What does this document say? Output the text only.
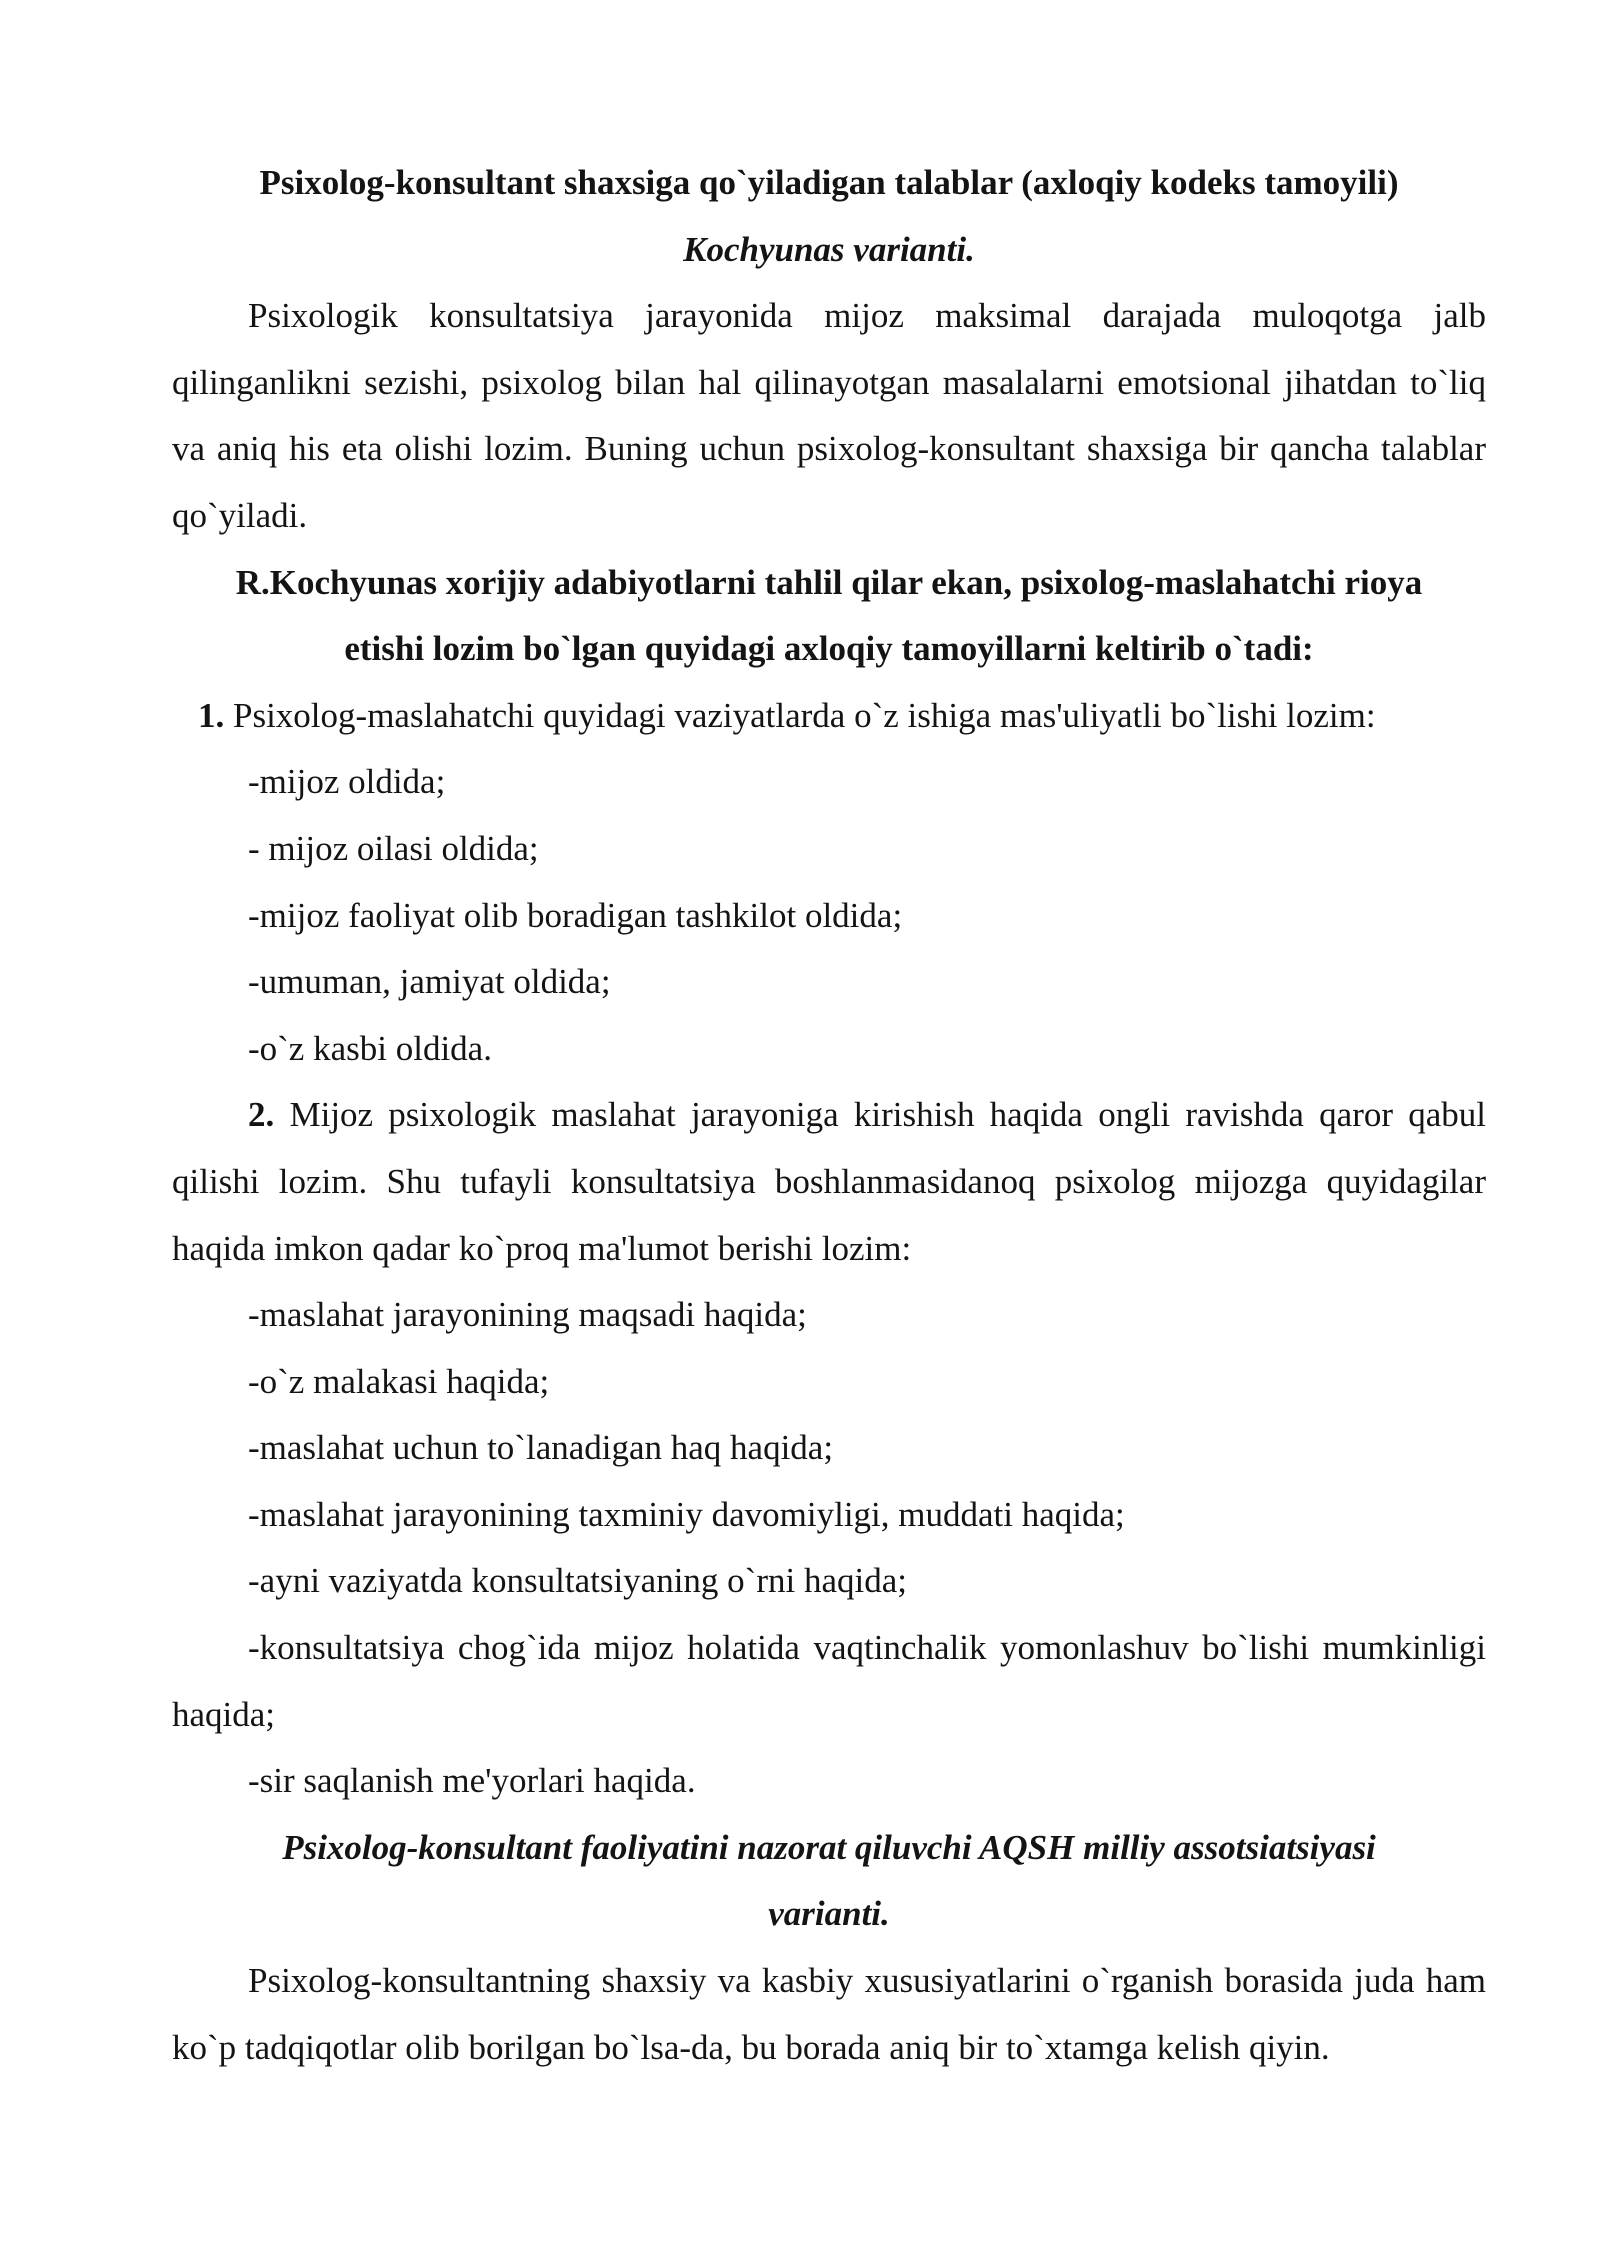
Psixolog-konsultant shaxsiga qo`yiladigan talablar (axloqiy kodeks tamoyili)

Kochyunas varianti.

Psixologik konsultatsiya jarayonida mijoz maksimal darajada muloqotga jalb qilinganlikni sezishi, psixolog bilan hal qilinayotgan masalalarni emotsional jihatdan to`liq va aniq his eta olishi lozim. Buning uchun psixolog-konsultant shaxsiga bir qancha talablar qo`yiladi.

R.Kochyunas xorijiy adabiyotlarni tahlil qilar ekan, psixolog-maslahatchi rioya

etishi lozim bo`lgan quyidagi axloqiy tamoyillarni keltirib o`tadi:

1. Psixolog-maslahatchi quyidagi vaziyatlarda o`z ishiga mas'uliyatli bo`lishi lozim:

-mijoz oldida;
- mijoz oilasi oldida;
-mijoz faoliyat olib boradigan tashkilot oldida;
-umuman, jamiyat oldida;
-o`z kasbi oldida.

2. Mijoz psixologik maslahat jarayoniga kirishish haqida ongli ravishda qaror qabul qilishi lozim. Shu tufayli konsultatsiya boshlanmasidanoq psixolog mijozga quyidagilar haqida imkon qadar ko`proq ma'lumot berishi lozim:

-maslahat jarayonining maqsadi haqida;
-o`z malakasi haqida;
-maslahat uchun to`lanadigan haq haqida;
-maslahat jarayonining taxminiy davomiyligi, muddati haqida;
-ayni vaziyatda konsultatsiyaning o`rni haqida;

-konsultatsiya chog`ida mijoz holatida vaqtinchalik yomonlashuv bo`lishi mumkinligi haqida;

-sir saqlanish me'yorlari haqida.

Psixolog-konsultant faoliyatini nazorat qiluvchi AQSH milliy assotsiatsiyasi

varianti.

Psixolog-konsultantning shaxsiy va kasbiy xususiyatlarini o`rganish borasida juda ham ko`p tadqiqotlar olib borilgan bo`lsa-da, bu borada aniq bir to`xtamga kelish qiyin.
